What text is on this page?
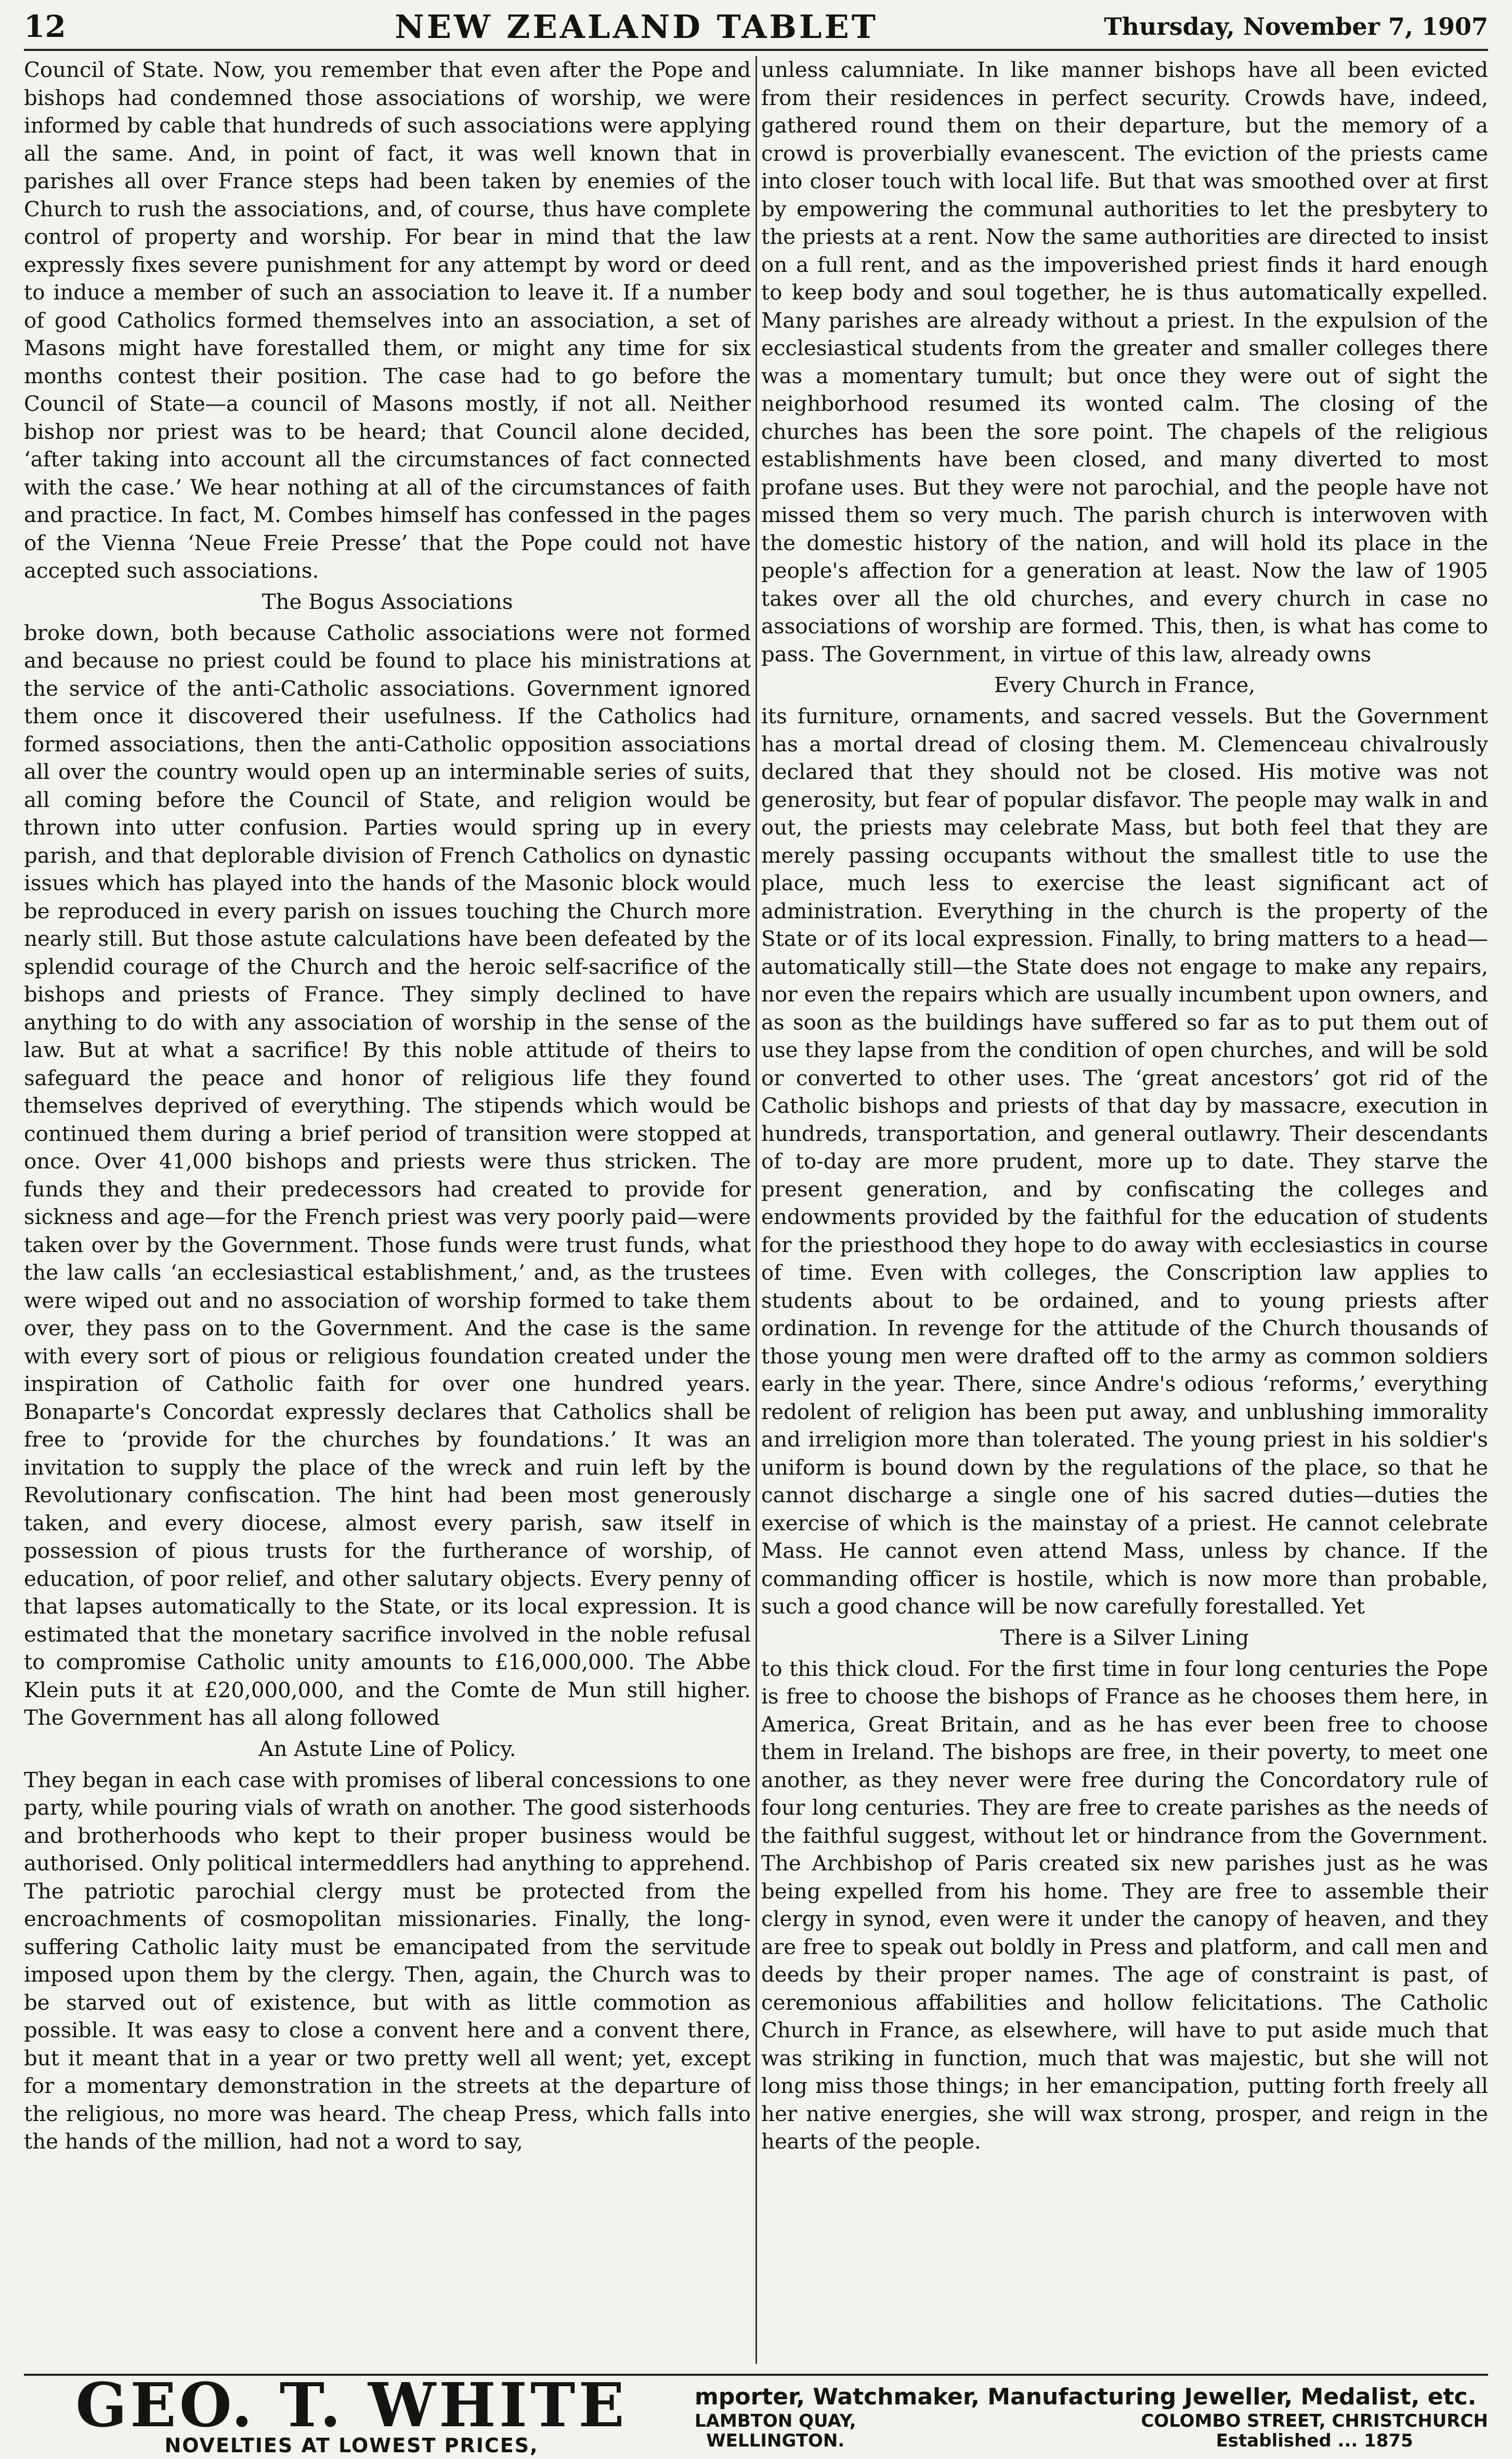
12	NEW ZEALAND TABLET	Thursday, November 7, 1907

Council of State. Now, you remember that even after the Pope and bishops had condemned those associations of worship, we were informed by cable that hundreds of such associations were applying all the same. And, in point of fact, it was well known that in parishes all over France steps had been taken by enemies of the Church to rush the associations, and, of course, thus have complete control of property and worship. For bear in mind that the law expressly fixes severe punishment for any attempt by word or deed to induce a member of such an association to leave it. If a number of good Catholics formed themselves into an association, a set of Masons might have forestalled them, or might any time for six months contest their position. The case had to go before the Council of State—a council of Masons mostly, if not all. Neither bishop nor priest was to be heard; that Council alone decided, ‘after taking into account all the circumstances of fact connected with the case.’ We hear nothing at all of the circumstances of faith and practice. In fact, M. Combes himself has confessed in the pages of the Vienna ‘Neue Freie Presse’ that the Pope could not have accepted such associations.

The Bogus Associations

broke down, both because Catholic associations were not formed and because no priest could be found to place his ministrations at the service of the anti-Catholic associations. Government ignored them once it discovered their usefulness. If the Catholics had formed associations, then the anti-Catholic opposition associations all over the country would open up an interminable series of suits, all coming before the Council of State, and religion would be thrown into utter confusion. Parties would spring up in every parish, and that deplorable division of French Catholics on dynastic issues which has played into the hands of the Masonic block would be reproduced in every parish on issues touching the Church more nearly still. But those astute calculations have been defeated by the splendid courage of the Church and the heroic self-sacrifice of the bishops and priests of France. They simply declined to have anything to do with any association of worship in the sense of the law. But at what a sacrifice! By this noble attitude of theirs to safeguard the peace and honor of religious life they found themselves deprived of everything. The stipends which would be continued them during a brief period of transition were stopped at once. Over 41,000 bishops and priests were thus stricken. The funds they and their predecessors had created to provide for sickness and age—for the French priest was very poorly paid—were taken over by the Government. Those funds were trust funds, what the law calls ‘an ecclesiastical establishment,’ and, as the trustees were wiped out and no association of worship formed to take them over, they pass on to the Government. And the case is the same with every sort of pious or religious foundation created under the inspiration of Catholic faith for over one hundred years. Bonaparte's Concordat expressly declares that Catholics shall be free to ‘provide for the churches by foundations.’ It was an invitation to supply the place of the wreck and ruin left by the Revolutionary confiscation. The hint had been most generously taken, and every diocese, almost every parish, saw itself in possession of pious trusts for the furtherance of worship, of education, of poor relief, and other salutary objects. Every penny of that lapses automatically to the State, or its local expression. It is estimated that the monetary sacrifice involved in the noble refusal to compromise Catholic unity amounts to £16,000,000. The Abbe Klein puts it at £20,000,000, and the Comte de Mun still higher. The Government has all along followed

An Astute Line of Policy.

They began in each case with promises of liberal concessions to one party, while pouring vials of wrath on another. The good sisterhoods and brotherhoods who kept to their proper business would be authorised. Only political intermeddlers had anything to apprehend. The patriotic parochial clergy must be protected from the encroachments of cosmopolitan missionaries. Finally, the long-suffering Catholic laity must be emancipated from the servitude imposed upon them by the clergy. Then, again, the Church was to be starved out of existence, but with as little commotion as possible. It was easy to close a convent here and a convent there, but it meant that in a year or two pretty well all went; yet, except for a momentary demonstration in the streets at the departure of the religious, no more was heard. The cheap Press, which falls into the hands of the million, had not a word to say,

unless calumniate. In like manner bishops have all been evicted from their residences in perfect security. Crowds have, indeed, gathered round them on their departure, but the memory of a crowd is proverbially evanescent. The eviction of the priests came into closer touch with local life. But that was smoothed over at first by empowering the communal authorities to let the presbytery to the priests at a rent. Now the same authorities are directed to insist on a full rent, and as the impoverished priest finds it hard enough to keep body and soul together, he is thus automatically expelled. Many parishes are already without a priest. In the expulsion of the ecclesiastical students from the greater and smaller colleges there was a momentary tumult; but once they were out of sight the neighborhood resumed its wonted calm. The closing of the churches has been the sore point. The chapels of the religious establishments have been closed, and many diverted to most profane uses. But they were not parochial, and the people have not missed them so very much. The parish church is interwoven with the domestic history of the nation, and will hold its place in the people's affection for a generation at least. Now the law of 1905 takes over all the old churches, and every church in case no associations of worship are formed. This, then, is what has come to pass. The Government, in virtue of this law, already owns

Every Church in France,

its furniture, ornaments, and sacred vessels. But the Government has a mortal dread of closing them. M. Clemenceau chivalrously declared that they should not be closed. His motive was not generosity, but fear of popular disfavor. The people may walk in and out, the priests may celebrate Mass, but both feel that they are merely passing occupants without the smallest title to use the place, much less to exercise the least significant act of administration. Everything in the church is the property of the State or of its local expression. Finally, to bring matters to a head—automatically still—the State does not engage to make any repairs, nor even the repairs which are usually incumbent upon owners, and as soon as the buildings have suffered so far as to put them out of use they lapse from the condition of open churches, and will be sold or converted to other uses. The ‘great ancestors’ got rid of the Catholic bishops and priests of that day by massacre, execution in hundreds, transportation, and general outlawry. Their descendants of to-day are more prudent, more up to date. They starve the present generation, and by confiscating the colleges and endowments provided by the faithful for the education of students for the priesthood they hope to do away with ecclesiastics in course of time. Even with colleges, the Conscription law applies to students about to be ordained, and to young priests after ordination. In revenge for the attitude of the Church thousands of those young men were drafted off to the army as common soldiers early in the year. There, since Andre's odious ‘reforms,’ everything redolent of religion has been put away, and unblushing immorality and irreligion more than tolerated. The young priest in his soldier's uniform is bound down by the regulations of the place, so that he cannot discharge a single one of his sacred duties—duties the exercise of which is the mainstay of a priest. He cannot celebrate Mass. He cannot even attend Mass, unless by chance. If the commanding officer is hostile, which is now more than probable, such a good chance will be now carefully forestalled. Yet

There is a Silver Lining

to this thick cloud. For the first time in four long centuries the Pope is free to choose the bishops of France as he chooses them here, in America, Great Britain, and as he has ever been free to choose them in Ireland. The bishops are free, in their poverty, to meet one another, as they never were free during the Concordatory rule of four long centuries. They are free to create parishes as the needs of the faithful suggest, without let or hindrance from the Government. The Archbishop of Paris created six new parishes just as he was being expelled from his home. They are free to assemble their clergy in synod, even were it under the canopy of heaven, and they are free to speak out boldly in Press and platform, and call men and deeds by their proper names. The age of constraint is past, of ceremonious affabilities and hollow felicitations. The Catholic Church in France, as elsewhere, will have to put aside much that was striking in function, much that was majestic, but she will not long miss those things; in her emancipation, putting forth freely all her native energies, she will wax strong, prosper, and reign in the hearts of the people.

GEO. T. WHITE

NOVELTIES AT LOWEST PRICES,

mporter, Watchmaker, Manufacturing Jeweller, Medalist, etc.

LAMBTON QUAY,
WELLINGTON.
COLOMBO STREET, CHRISTCHURCH
Established ... 1875
